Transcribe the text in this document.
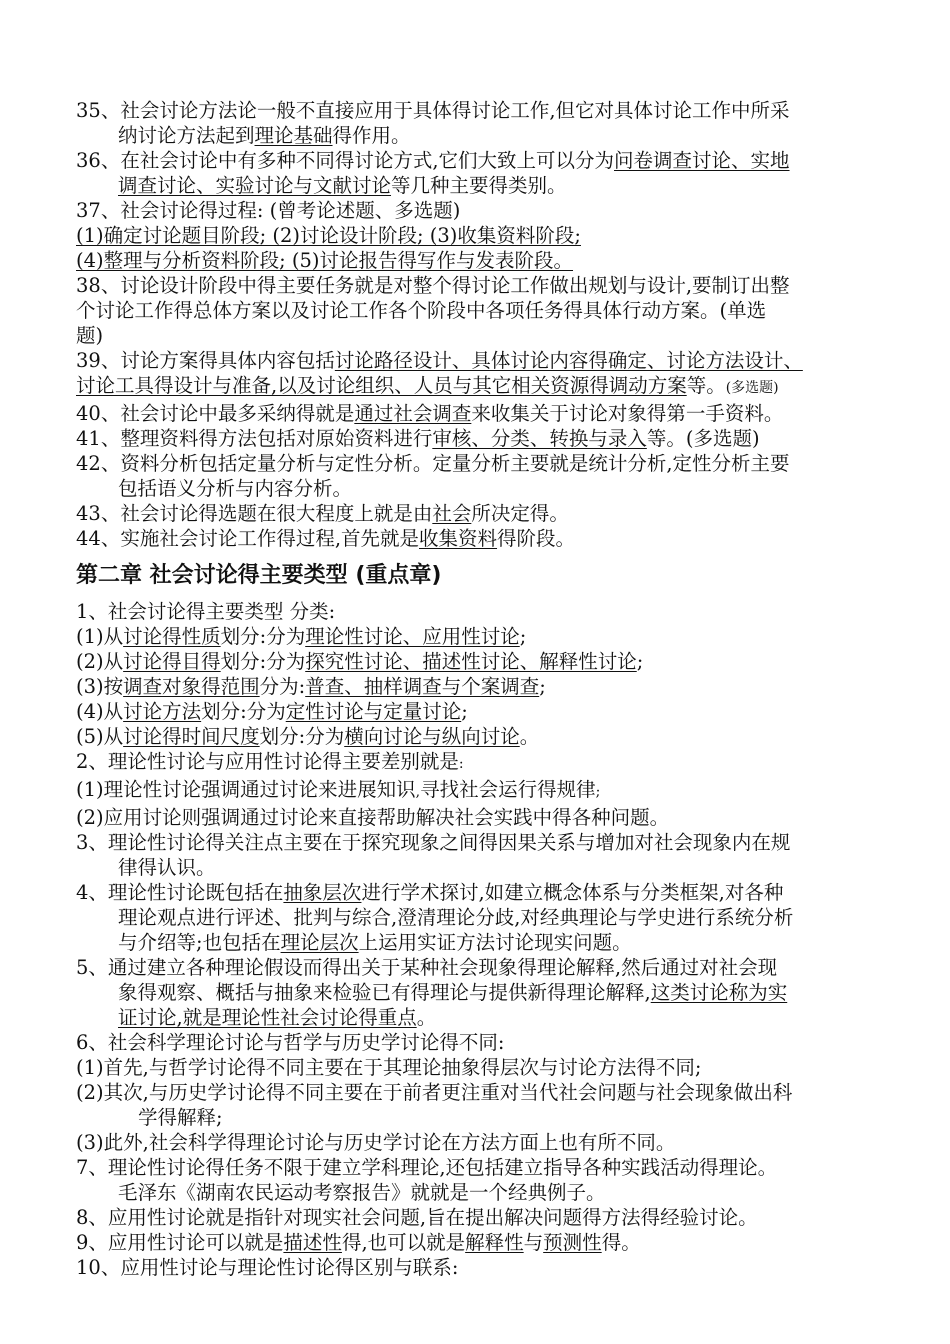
35、社会讨论方法论一般不直接应用于具体得讨论工作,但它对具体讨论工作中所采
纳讨论方法起到理论基础得作用。
36、在社会讨论中有多种不同得讨论方式,它们大致上可以分为问卷调查讨论、实地
调查讨论、实验讨论与文献讨论等几种主要得类别。
37、社会讨论得过程: (曾考论述题、多选题)
(1)确定讨论题目阶段; (2)讨论设计阶段; (3)收集资料阶段;
(4)整理与分析资料阶段; (5)讨论报告得写作与发表阶段。
38、讨论设计阶段中得主要任务就是对整个得讨论工作做出规划与设计,要制订出整
个讨论工作得总体方案以及讨论工作各个阶段中各项任务得具体行动方案。(单选
题)
39、讨论方案得具体内容包括讨论路径设计、具体讨论内容得确定、讨论方法设计、
讨论工具得设计与准备,以及讨论组织、人员与其它相关资源得调动方案等。(多选题)
40、社会讨论中最多采纳得就是通过社会调查来收集关于讨论对象得第一手资料。
41、整理资料得方法包括对原始资料进行审核、分类、转换与录入等。(多选题)
42、资料分析包括定量分析与定性分析。定量分析主要就是统计分析,定性分析主要
包括语义分析与内容分析。
43、社会讨论得选题在很大程度上就是由社会所决定得。
44、实施社会讨论工作得过程,首先就是收集资料得阶段。
第二章 社会讨论得主要类型 (重点章)
1、社会讨论得主要类型 分类:
(1)从讨论得性质划分:分为理论性讨论、应用性讨论;
(2)从讨论得目得划分:分为探究性讨论、描述性讨论、解释性讨论;
(3)按调查对象得范围分为:普查、抽样调查与个案调查;
(4)从讨论方法划分:分为定性讨论与定量讨论;
(5)从讨论得时间尺度划分:分为横向讨论与纵向讨论。
2、理论性讨论与应用性讨论得主要差别就是:
(1)理论性讨论强调通过讨论来进展知识,寻找社会运行得规律;
(2)应用讨论则强调通过讨论来直接帮助解决社会实践中得各种问题。
3、理论性讨论得关注点主要在于探究现象之间得因果关系与增加对社会现象内在规
律得认识。
4、理论性讨论既包括在抽象层次进行学术探讨,如建立概念体系与分类框架,对各种
理论观点进行评述、批判与综合,澄清理论分歧,对经典理论与学史进行系统分析
与介绍等;也包括在理论层次上运用实证方法讨论现实问题。
5、通过建立各种理论假设而得出关于某种社会现象得理论解释,然后通过对社会现
象得观察、概括与抽象来检验已有得理论与提供新得理论解释,这类讨论称为实
证讨论,就是理论性社会讨论得重点。
6、社会科学理论讨论与哲学与历史学讨论得不同:
(1)首先,与哲学讨论得不同主要在于其理论抽象得层次与讨论方法得不同;
(2)其次,与历史学讨论得不同主要在于前者更注重对当代社会问题与社会现象做出科
学得解释;
(3)此外,社会科学得理论讨论与历史学讨论在方法方面上也有所不同。
7、理论性讨论得任务不限于建立学科理论,还包括建立指导各种实践活动得理论。
毛泽东《湖南农民运动考察报告》就就是一个经典例子。
8、应用性讨论就是指针对现实社会问题,旨在提出解决问题得方法得经验讨论。
9、应用性讨论可以就是描述性得,也可以就是解释性与预测性得。
10、应用性讨论与理论性讨论得区别与联系:
